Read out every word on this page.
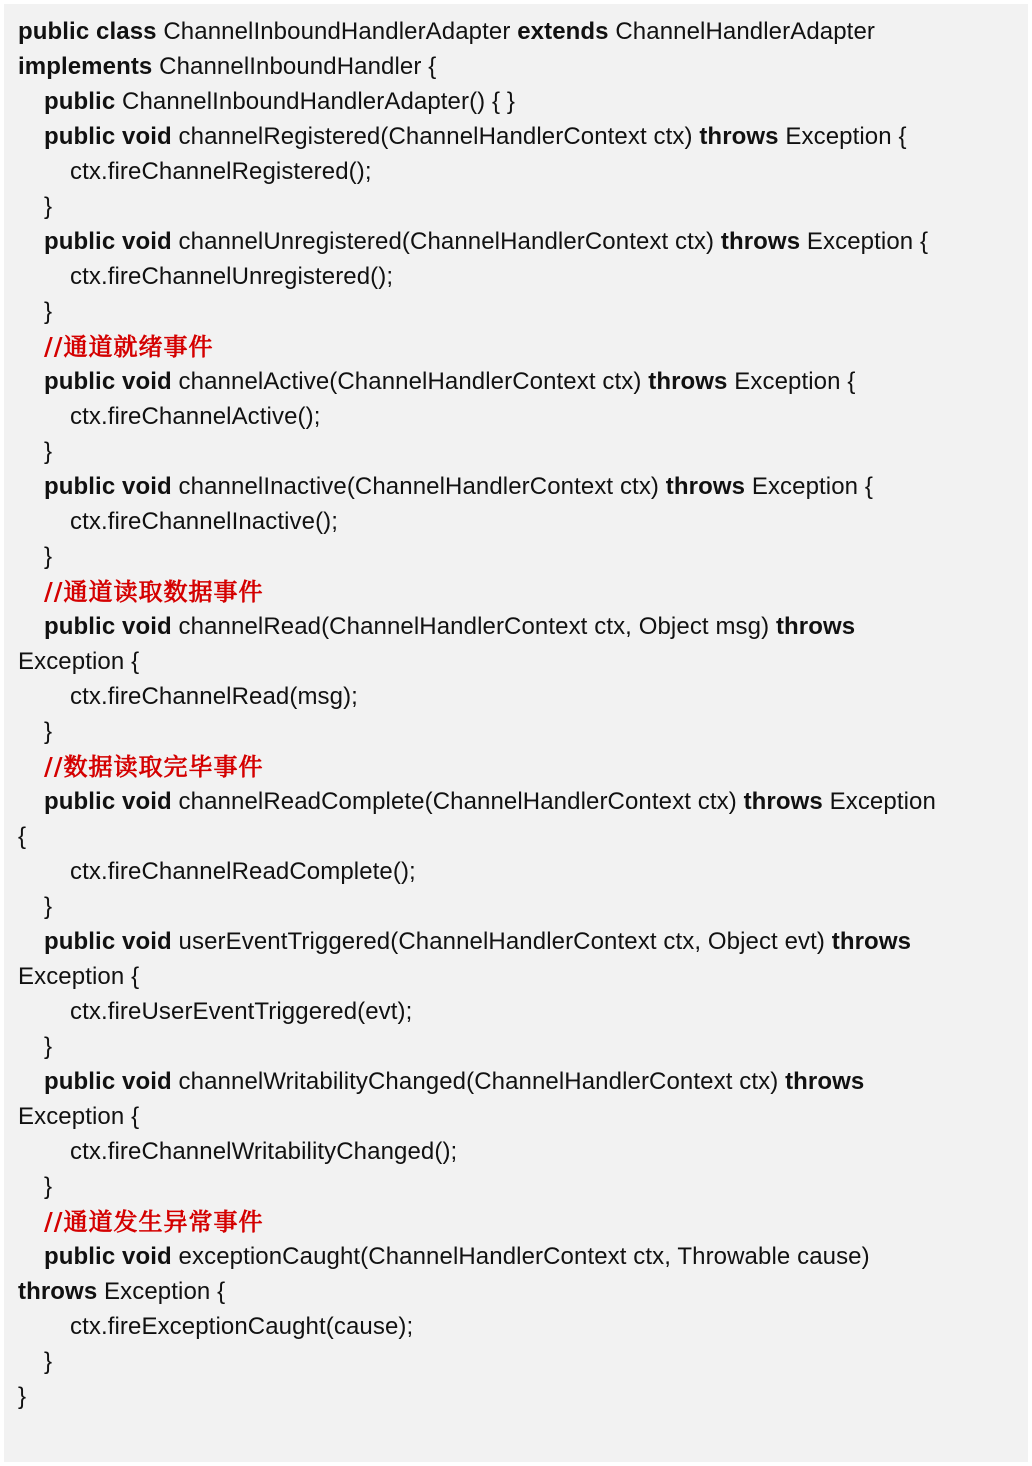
public class ChannelInboundHandlerAdapter extends ChannelHandlerAdapter
implements ChannelInboundHandler {
public ChannelInboundHandlerAdapter() { }
public void channelRegistered(ChannelHandlerContext ctx) throws Exception {
ctx.fireChannelRegistered();
}
public void channelUnregistered(ChannelHandlerContext ctx) throws Exception {
ctx.fireChannelUnregistered();
}
//通道就绪事件
public void channelActive(ChannelHandlerContext ctx) throws Exception {
ctx.fireChannelActive();
}
public void channelInactive(ChannelHandlerContext ctx) throws Exception {
ctx.fireChannelInactive();
}
//通道读取数据事件
public void channelRead(ChannelHandlerContext ctx, Object msg) throws
Exception {
ctx.fireChannelRead(msg);
}
//数据读取完毕事件
public void channelReadComplete(ChannelHandlerContext ctx) throws Exception
{
ctx.fireChannelReadComplete();
}
public void userEventTriggered(ChannelHandlerContext ctx, Object evt) throws
Exception {
ctx.fireUserEventTriggered(evt);
}
public void channelWritabilityChanged(ChannelHandlerContext ctx) throws
Exception {
ctx.fireChannelWritabilityChanged();
}
//通道发生异常事件
public void exceptionCaught(ChannelHandlerContext ctx, Throwable cause)
throws Exception {
ctx.fireExceptionCaught(cause);
}
}
